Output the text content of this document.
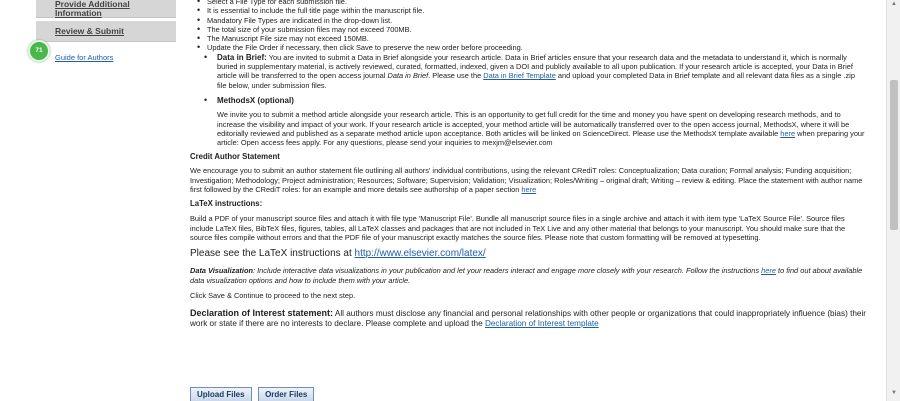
71
Provide Additional Information
Review & Submit
Guide for Authors
• Select a File Type for each submission file.
• It is essential to include the full title page within the manuscript file.
• Mandatory File Types are indicated in the drop-down list.
• The total size of your submission files may not exceed 700MB.
• The Manuscript File size may not exceed 150MB.
• Update the File Order if necessary, then click Save to preserve the new order before proceeding.
• Data in Brief: You are invited to submit a Data in Brief alongside your research article. Data in Brief articles ensure that your research data and the metadata to understand it, which is normally buried in supplementary material, is actively reviewed, curated, formatted, indexed, given a DOI and publicly available to all upon publication. If your research article is accepted, your Data in Brief article will be transferred to the open access journal Data in Brief. Please use the Data in Brief Template and upload your completed Data in Brief template and all relevant data files as a single .zip file below, under submission files.
• MethodsX (optional)
We invite you to submit a method article alongside your research article. This is an opportunity to get full credit for the time and money you have spent on developing research methods, and to increase the visibility and impact of your work. If your research article is accepted, your method article will be automatically transferred over to the open access journal, MethodsX, where it will be editorially reviewed and published as a separate method article upon acceptance. Both articles will be linked on ScienceDirect. Please use the MethodsX template available here when preparing your article: Open access fees apply. For any questions, please send your inquiries to mexjm@elsevier.com
Credit Author Statement
We encourage you to submit an author statement file outlining all authors' individual contributions, using the relevant CRediT roles: Conceptualization; Data curation; Formal analysis; Funding acquisition; Investigation; Methodology; Project administration; Resources; Software; Supervision; Validation; Visualization; Roles/Writing – original draft; Writing – review & editing. Place the statement with author name first followed by the CRediT roles: for an example and more details see authorship of a paper section here
LaTeX instructions:
Build a PDF of your manuscript source files and attach it with file type 'Manuscript File'. Bundle all manuscript source files in a single archive and attach it with item type 'LaTeX Source File'. Source files include LaTeX files, BibTeX files, figures, tables, all LaTeX classes and packages that are not included in TeX Live and any other material that belongs to your manuscript. You should make sure that the source files compile without errors and that the PDF file of your manuscript exactly matches the source files. Please note that custom formatting will be removed at typesetting.
Please see the LaTeX instructions at http://www.elsevier.com/latex/
Data Visualization: Include interactive data visualizations in your publication and let your readers interact and engage more closely with your research. Follow the instructions here to find out about available data visualization options and how to include them with your article.
Click Save & Continue to proceed to the next step.
Declaration of Interest statement: All authors must disclose any financial and personal relationships with other people or organizations that could inappropriately influence (bias) their work or state if there are no interests to declare. Please complete and upload the Declaration of Interest template
Upload Files	Order Files
▲
▼
